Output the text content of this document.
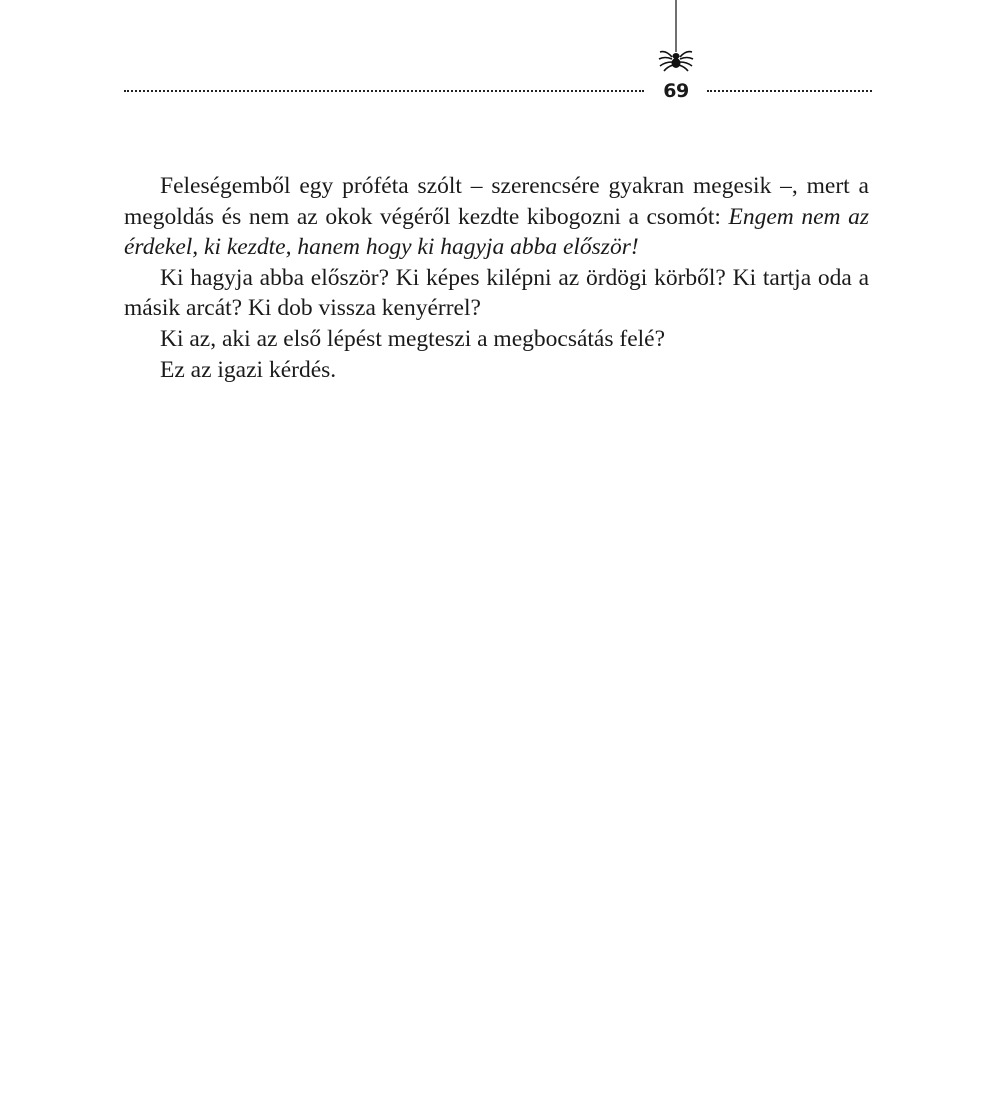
69

Feleségemből egy próféta szólt – szerencsére gyakran megesik –, mert a megoldás és nem az okok végéről kezdte kibogozni a csomót: Engem nem az érdekel, ki kezdte, hanem hogy ki hagyja abba először!

Ki hagyja abba először? Ki képes kilépni az ördögi körből? Ki tartja oda a másik arcát? Ki dob vissza kenyérrel?

Ki az, aki az első lépést megteszi a megbocsátás felé?

Ez az igazi kérdés.
